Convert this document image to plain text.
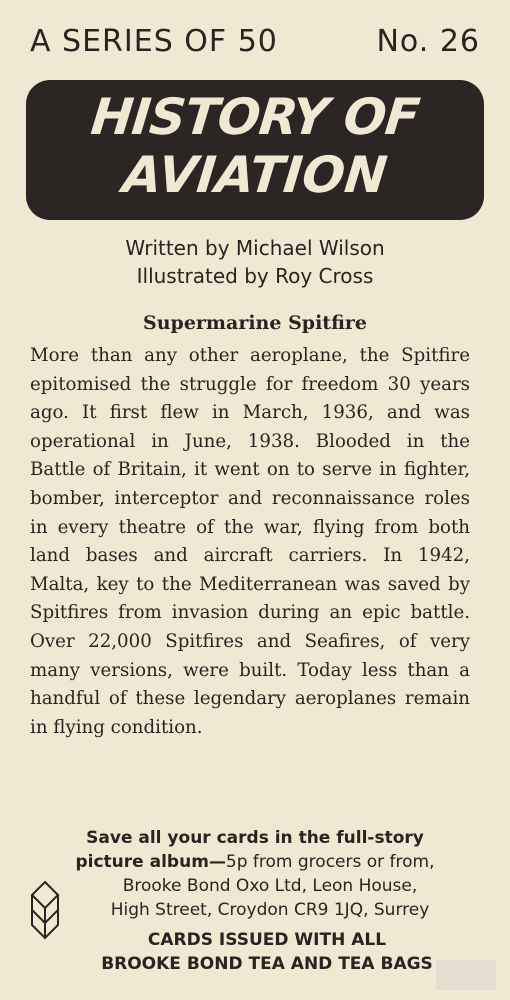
A SERIES OF 50	No. 26
HISTORY OF
AVIATION
Written by Michael Wilson
Illustrated by Roy Cross
Supermarine Spitfire

More than any other aeroplane, the Spitfire epitomised the struggle for freedom 30 years ago. It first flew in March, 1936, and was operational in June, 1938. Blooded in the Battle of Britain, it went on to serve in fighter, bomber, interceptor and reconnaissance roles in every theatre of the war, flying from both land bases and aircraft carriers. In 1942, Malta, key to the Mediterranean was saved by Spitfires from invasion during an epic battle. Over 22,000 Spitfires and Seafires, of very many versions, were built. Today less than a handful of these legendary aeroplanes remain in flying condition.

Save all your cards in the full-story
picture album—5p from grocers or from,
Brooke Bond Oxo Ltd, Leon House,
High Street, Croydon CR9 1JQ, Surrey
CARDS ISSUED WITH ALL
BROOKE BOND TEA AND TEA BAGS
